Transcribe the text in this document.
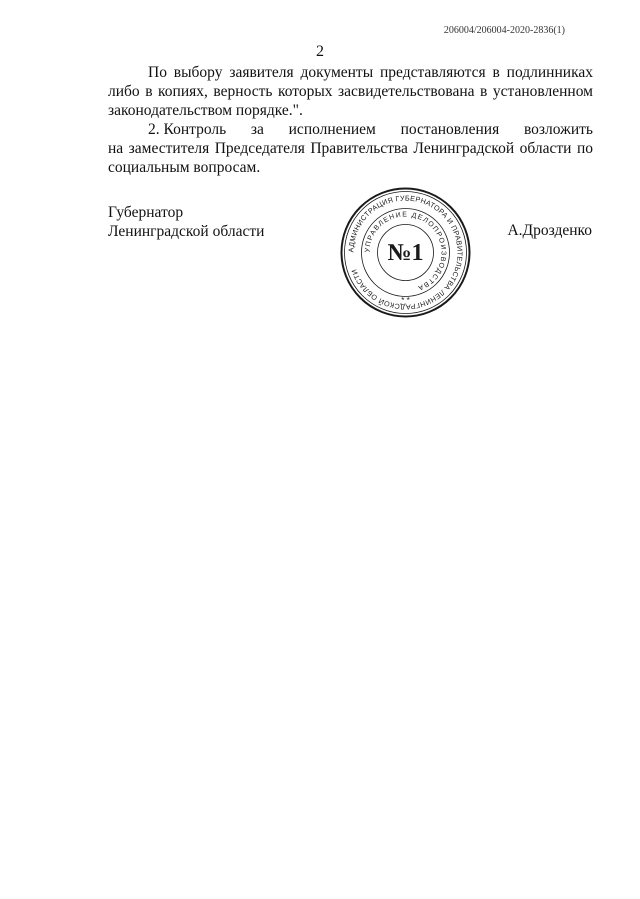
206004/206004-2020-2836(1)
2

По выбору заявителя документы представляются в подлинниках либо в копиях, верность которых засвидетельствована в установленном законодательством порядке.".

2. Контроль за исполнением постановления возложить
на заместителя Председателя Правительства Ленинградской области по социальным вопросам.
Губернатор
Ленинградской области	А.Дрозденко
АДМИНИСТРАЦИЯ ГУБЕРНАТОРА И ПРАВИТЕЛЬСТВА ЛЕНИНГРАДСКОЙ ОБЛАСТИ
УПРАВЛЕНИЕ ДЕЛОПРОИЗВОДСТВА
№1
* *
